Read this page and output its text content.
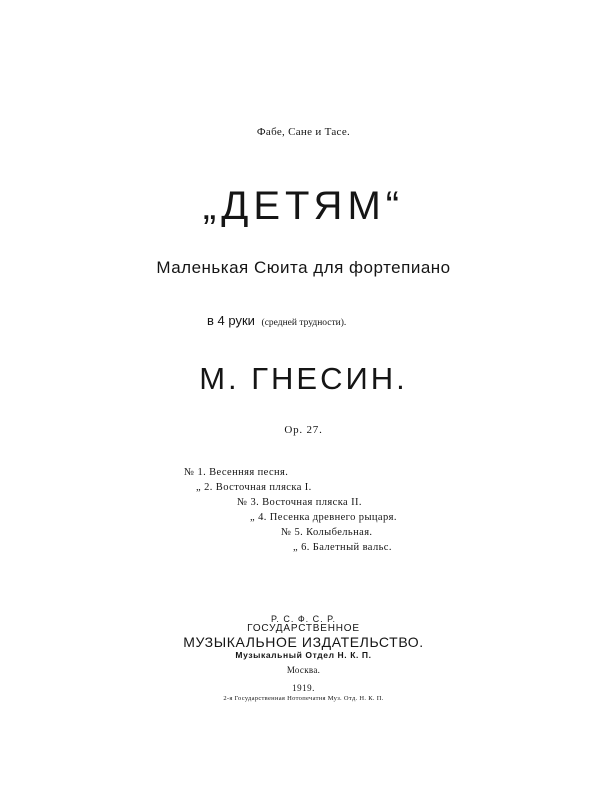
Фабе, Сане и Тасе.
„ДЕТЯМ“
Маленькая Сюита для фортепиано
в 4 руки (средней трудности).
М. ГНЕСИН.
Ор. 27.
№ 1. Весенняя песня.
„ 2. Восточная пляска I.
№ 3. Восточная пляска II.
„ 4. Песенка древнего рыцаря.
№ 5. Колыбельная.
„ 6. Балетный вальс.
Р. С. Ф. С. Р.
ГОСУДАРСТВЕННОЕ
МУЗЫКАЛЬНОЕ ИЗДАТЕЛЬСТВО.
Музыкальный Отдел Н. К. П.
Москва.
1919.
2-я Государственная Нотопечатня Муз. Отд. Н. К. П.
